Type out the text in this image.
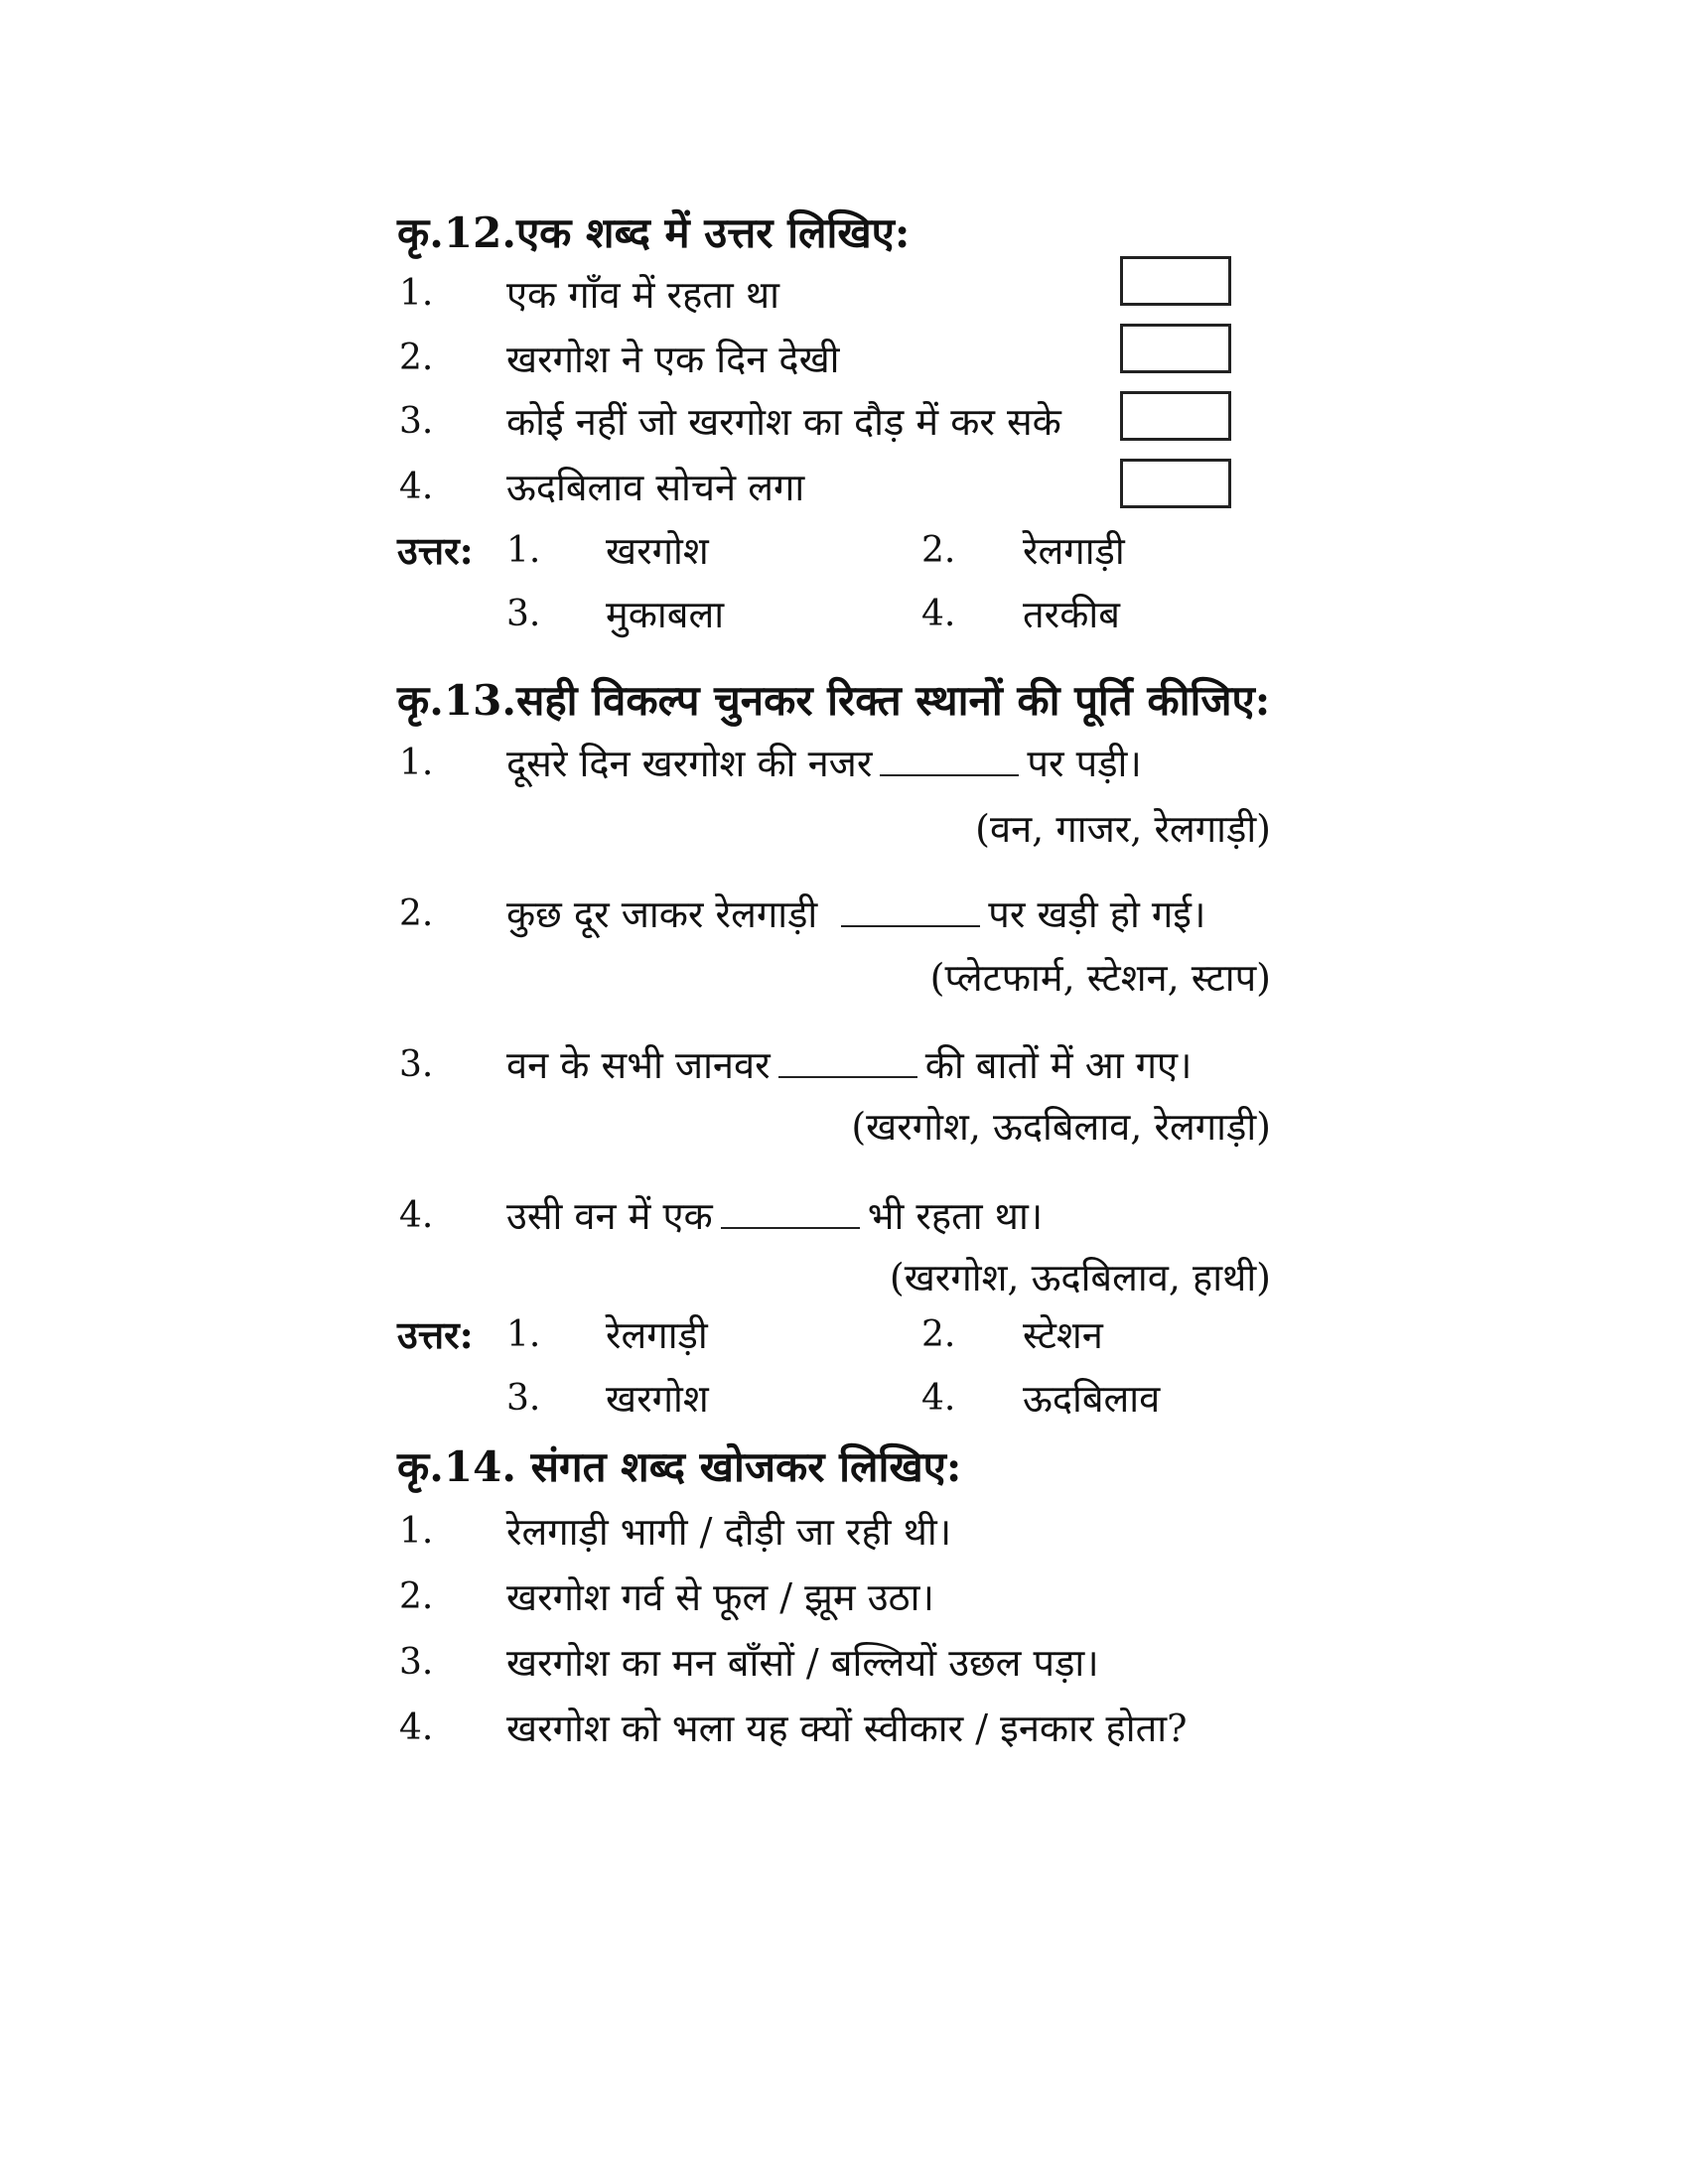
कृ.12.एक शब्द में उत्तर लिखिए:
1. एक गाँव में रहता था
2. खरगोश ने एक दिन देखी
3. कोई नहीं जो खरगोश का दौड़ में कर सके
4. ऊदबिलाव सोचने लगा
उत्तर: 1. खरगोश	2. रेलगाड़ी
3. मुकाबला	4. तरकीब
कृ.13.सही विकल्प चुनकर रिक्त स्थानों की पूर्ति कीजिए:
1. दूसरे दिन खरगोश की नजर	पर पड़ी।
(वन, गाजर, रेलगाड़ी)
2. कुछ दूर जाकर रेलगाड़ी	पर खड़ी हो गई।
(प्लेटफार्म, स्टेशन, स्टाप)
3. वन के सभी जानवर	की बातों में आ गए।
(खरगोश, ऊदबिलाव, रेलगाड़ी)
4. उसी वन में एक	भी रहता था।
(खरगोश, ऊदबिलाव, हाथी)
उत्तर: 1. रेलगाड़ी	2. स्टेशन
3. खरगोश	4. ऊदबिलाव
कृ.14. संगत शब्द खोजकर लिखिए:
1. रेलगाड़ी भागी / दौड़ी जा रही थी।
2. खरगोश गर्व से फूल / झूम उठा।
3. खरगोश का मन बाँसों / बल्लियों उछल पड़ा।
4. खरगोश को भला यह क्यों स्वीकार / इनकार होता?
